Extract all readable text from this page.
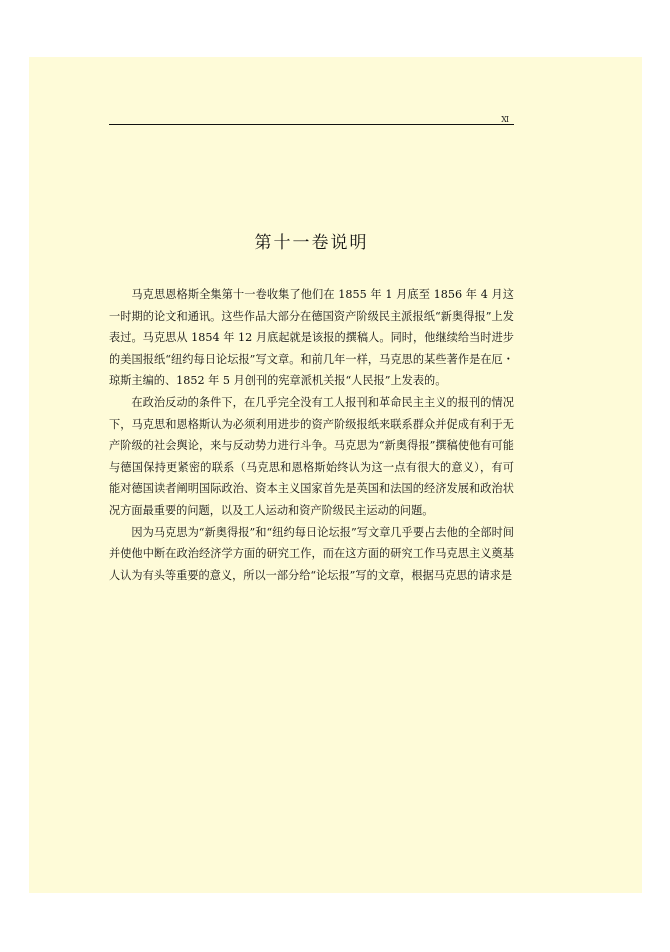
Ⅺ
第十一卷说明

马克思恩格斯全集第十一卷收集了他们在 1855 年 1 月底至 1856 年 4 月这一时期的论文和通讯。这些作品大部分在德国资产阶级民主派报纸“新奥得报”上发表过。马克思从 1854 年 12 月底起就是该报的撰稿人。同时，他继续给当时进步的美国报纸“纽约每日论坛报”写文章。和前几年一样，马克思的某些著作是在厄・琼斯主编的、1852 年 5 月创刊的宪章派机关报“人民报”上发表的。

在政治反动的条件下，在几乎完全没有工人报刊和革命民主主义的报刊的情况下，马克思和恩格斯认为必须利用进步的资产阶级报纸来联系群众并促成有利于无产阶级的社会舆论，来与反动势力进行斗争。马克思为“新奥得报”撰稿使他有可能与德国保持更紧密的联系（马克思和恩格斯始终认为这一点有很大的意义），有可能对德国读者阐明国际政治、资本主义国家首先是英国和法国的经济发展和政治状况方面最重要的问题，以及工人运动和资产阶级民主运动的问题。

因为马克思为“新奥得报”和“纽约每日论坛报”写文章几乎要占去他的全部时间并使他中断在政治经济学方面的研究工作，而在这方面的研究工作马克思主义奠基人认为有头等重要的意义，所以一部分给“论坛报”写的文章，根据马克思的请求是
